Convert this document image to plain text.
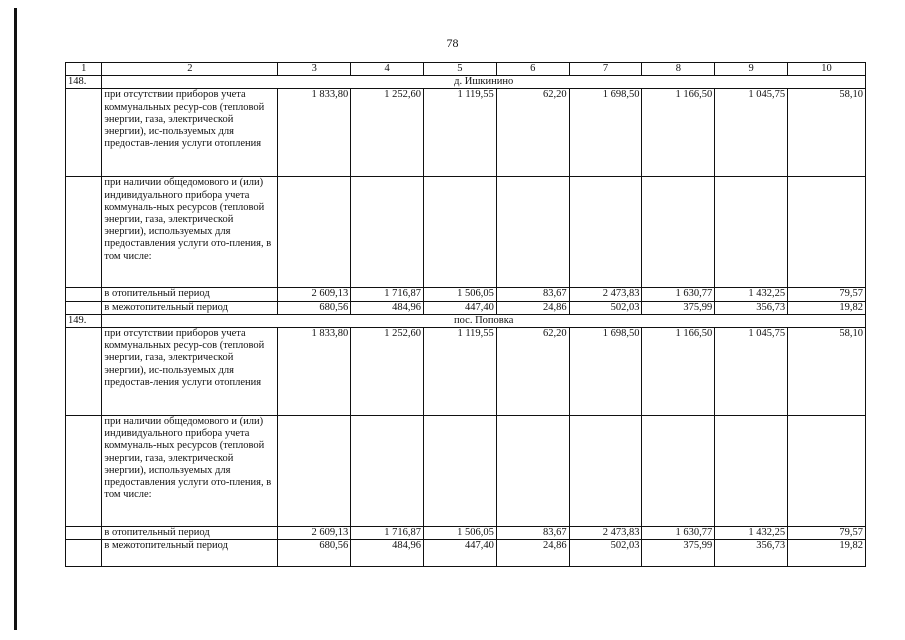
78
1	2	3	4	5	6	7	8	9	10
148.	д. Ишкинино								
	при отсутствии приборов учета коммунальных ресур-сов (тепловой энергии, газа, электрической энергии), ис-пользуемых для предостав-ления услуги отопления	1 833,80	1 252,60	1 119,55	62,20	1 698,50	1 166,50	1 045,75	58,10
	при наличии общедомового и (или) индивидуального прибора учета коммуналь-ных ресурсов (тепловой энергии, газа, электрической энергии), используемых для предоставления услуги ото-пления, в том числе:								
	в отопительный период	2 609,13	1 716,87	1 506,05	83,67	2 473,83	1 630,77	1 432,25	79,57
	в межотопительный период	680,56	484,96	447,40	24,86	502,03	375,99	356,73	19,82
149.	пос. Поповка								
	при отсутствии приборов учета коммунальных ресур-сов (тепловой энергии, газа, электрической энергии), ис-пользуемых для предостав-ления услуги отопления	1 833,80	1 252,60	1 119,55	62,20	1 698,50	1 166,50	1 045,75	58,10
	при наличии общедомового и (или) индивидуального прибора учета коммуналь-ных ресурсов (тепловой энергии, газа, электрической энергии), используемых для предоставления услуги ото-пления, в том числе:								
	в отопительный период	2 609,13	1 716,87	1 506,05	83,67	2 473,83	1 630,77	1 432,25	79,57
	в межотопительный период	680,56	484,96	447,40	24,86	502,03	375,99	356,73	19,82
